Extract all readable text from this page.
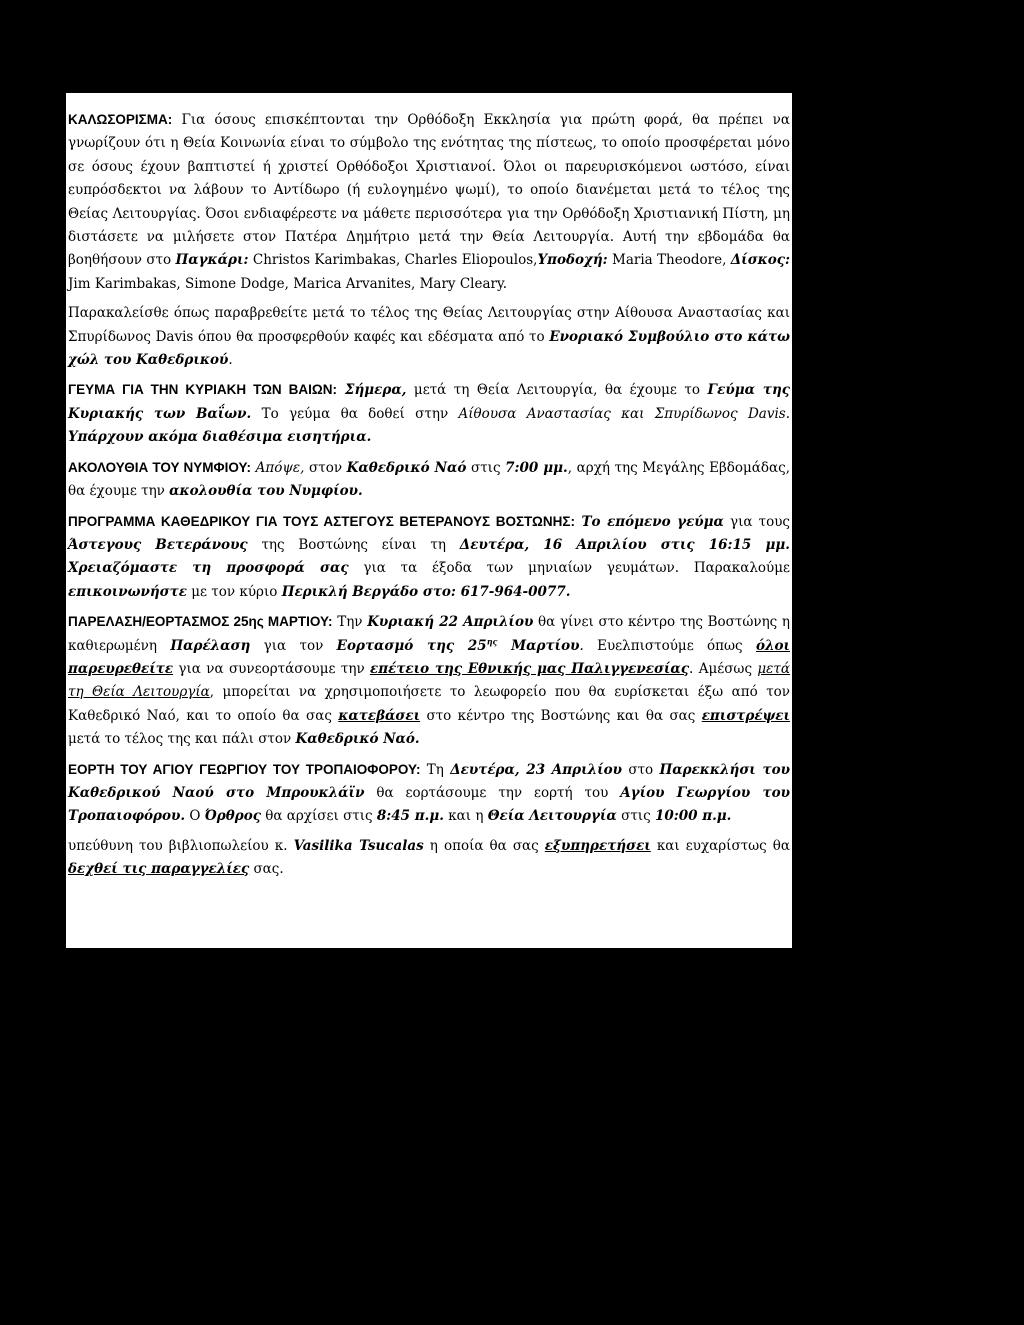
ΚΑΛΩΣΟΡΙΣΜΑ: Για όσους επισκέπτονται την Ορθόδοξη Εκκλησία για πρώτη φορά, θα πρέπει να γνωρίζουν ότι η Θεία Κοινωνία είναι το σύμβολο της ενότητας της πίστεως, το οποίο προσφέρεται μόνο σε όσους έχουν βαπτιστεί ή χριστεί Ορθόδοξοι Χριστιανοί. Όλοι οι παρευρισκόμενοι ωστόσο, είναι ευπρόσδεκτοι να λάβουν το Αντίδωρο (ή ευλογημένο ψωμί), το οποίο διανέμεται μετά το τέλος της Θείας Λειτουργίας. Όσοι ενδιαφέρεστε να μάθετε περισσότερα για την Ορθόδοξη Χριστιανική Πίστη, μη διστάσετε να μιλήσετε στον Πατέρα Δημήτριο μετά την Θεία Λειτουργία. Αυτή την εβδομάδα θα βοηθήσουν στο Παγκάρι: Christos Karimbakas, Charles Eliopoulos,Υποδοχή: Maria Theodore, Δίσκος: Jim Karimbakas, Simone Dodge, Marica Arvanites, Mary Cleary.

Παρακαλείσθε όπως παραβρεθείτε μετά το τέλος της Θείας Λειτουργίας στην Αίθουσα Αναστασίας και Σπυρίδωνος Davis όπου θα προσφερθούν καφές και εδέσματα από το Ενοριακό Συμβούλιο στο κάτω χώλ του Καθεδρικού.

ΓΕΥΜΑ ΓΙΑ ΤΗΝ ΚΥΡΙΑΚΗ ΤΩΝ ΒΑΙΩΝ: Σήμερα, μετά τη Θεία Λειτουργία, θα έχουμε το Γεύμα της Κυριακής των Βαΐων. Το γεύμα θα δοθεί στην Αίθουσα Αναστασίας και Σπυρίδωνος Davis. Υπάρχουν ακόμα διαθέσιμα εισητήρια.

ΑΚΟΛΟΥΘΙΑ ΤΟΥ ΝΥΜΦΙΟΥ: Απόψε, στον Καθεδρικό Ναό στις 7:00 μμ., αρχή της Μεγάλης Εβδομάδας, θα έχουμε την ακολουθία του Νυμφίου.

ΠΡΟΓΡΑΜΜΑ ΚΑΘΕΔΡΙΚΟΥ ΓΙΑ ΤΟΥΣ ΑΣΤΕΓΟΥΣ ΒΕΤΕΡΑΝΟΥΣ ΒΟΣΤΩΝΗΣ: Το επόμενο γεύμα για τους Άστεγους Βετεράνους της Βοστώνης είναι τη Δευτέρα, 16 Απριλίου στις 16:15 μμ. Χρειαζόμαστε τη προσφορά σας για τα έξοδα των μηνιαίων γευμάτων. Παρακαλούμε επικοινωνήστε με τον κύριο Περικλή Βεργάδο στο: 617-964-0077.

ΠΑΡΕΛΑΣΗ/ΕΟΡΤΑΣΜΟΣ 25ης ΜΑΡΤΙΟΥ: Την Κυριακή 22 Απριλίου θα γίνει στο κέντρο της Βοστώνης η καθιερωμένη Παρέλαση για τον Εορτασμό της $25^{\eta\varsigma}$ Μαρτίου. Ευελπιστούμε όπως όλοι παρευρεθείτε για να συνεορτάσουμε την επέτειο της Εθνικής μας Παλιγγενεσίας. Αμέσως μετά τη Θεία Λειτουργία, μπορείται να χρησιμοποιήσετε το λεωφορείο που θα ευρίσκεται έξω από τον Καθεδρικό Ναό, και το οποίο θα σας κατεβάσει στο κέντρο της Βοστώνης και θα σας επιστρέψει μετά το τέλος της και πάλι στον Καθεδρικό Ναό.

ΕΟΡΤΗ ΤΟΥ ΑΓΙΟΥ ΓΕΩΡΓΙΟΥ ΤΟΥ ΤΡΟΠΑΙΟΦΟΡΟΥ: Τη Δευτέρα, 23 Απριλίου στο Παρεκκλήσι του Καθεδρικού Ναού στο Μπρουκλάϊν θα εορτάσουμε την εορτή του Αγίου Γεωργίου του Τροπαιοφόρου. Ο Όρθρος θα αρχίσει στις 8:45 π.μ. και η Θεία Λειτουργία στις 10:00 π.μ.

υπεύθυνη του βιβλιοπωλείου κ. Vasilika Tsucalas η οποία θα σας εξυπηρετήσει και ευχαρίστως θα δεχθεί τις παραγγελίες σας.
